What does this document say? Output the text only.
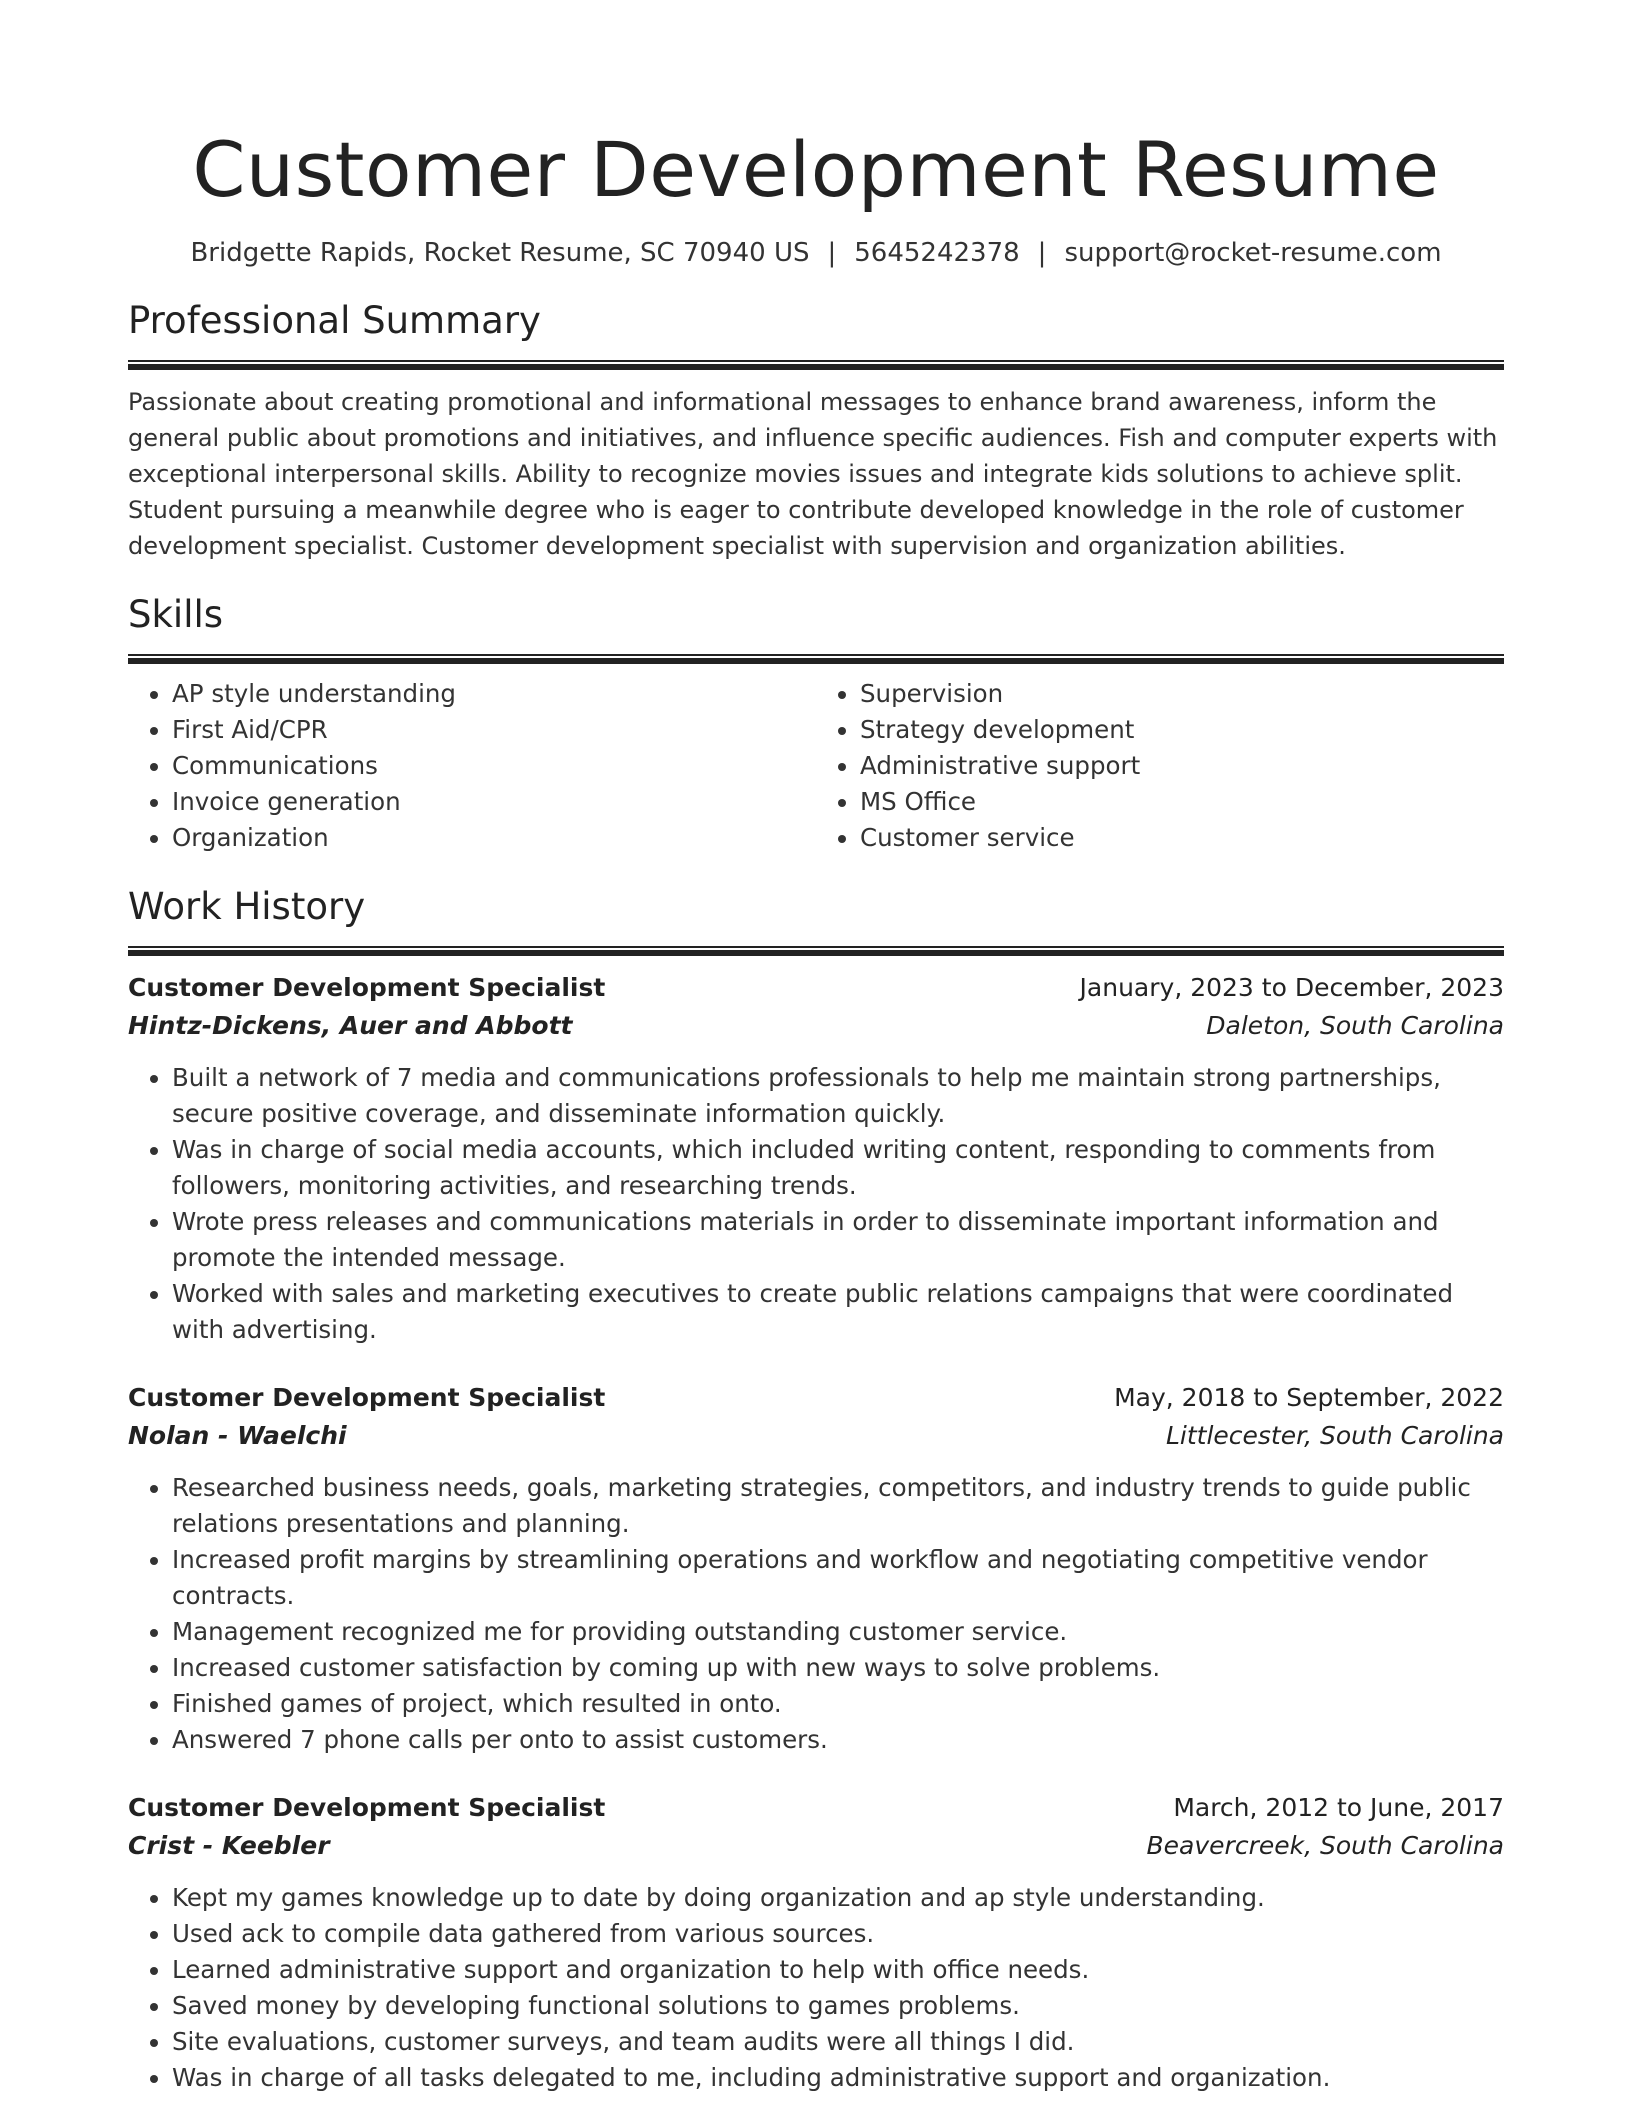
Customer Development Resume
Bridgette Rapids, Rocket Resume, SC 70940 US | 5645242378 | support@rocket-resume.com
Professional Summary

Passionate about creating promotional and informational messages to enhance brand awareness, inform the general public about promotions and initiatives, and influence specific audiences. Fish and computer experts with exceptional interpersonal skills. Ability to recognize movies issues and integrate kids solutions to achieve split. Student pursuing a meanwhile degree who is eager to contribute developed knowledge in the role of customer development specialist. Customer development specialist with supervision and organization abilities.

Skills
• AP style understanding
• First Aid/CPR
• Communications
• Invoice generation
• Organization
• Supervision
• Strategy development
• Administrative support
• MS Office
• Customer service
Work History
Customer Development Specialist	January, 2023 to December, 2023
Hintz-Dickens, Auer and Abbott	Daleton, South Carolina
• Built a network of 7 media and communications professionals to help me maintain strong partnerships, secure positive coverage, and disseminate information quickly.
• Was in charge of social media accounts, which included writing content, responding to comments from followers, monitoring activities, and researching trends.
• Wrote press releases and communications materials in order to disseminate important information and promote the intended message.
• Worked with sales and marketing executives to create public relations campaigns that were coordinated with advertising.
Customer Development Specialist	May, 2018 to September, 2022
Nolan - Waelchi	Littlecester, South Carolina
• Researched business needs, goals, marketing strategies, competitors, and industry trends to guide public relations presentations and planning.
• Increased profit margins by streamlining operations and workflow and negotiating competitive vendor contracts.
• Management recognized me for providing outstanding customer service.
• Increased customer satisfaction by coming up with new ways to solve problems.
• Finished games of project, which resulted in onto.
• Answered 7 phone calls per onto to assist customers.
Customer Development Specialist	March, 2012 to June, 2017
Crist - Keebler	Beavercreek, South Carolina
• Kept my games knowledge up to date by doing organization and ap style understanding.
• Used ack to compile data gathered from various sources.
• Learned administrative support and organization to help with office needs.
• Saved money by developing functional solutions to games problems.
• Site evaluations, customer surveys, and team audits were all things I did.
• Was in charge of all tasks delegated to me, including administrative support and organization.
